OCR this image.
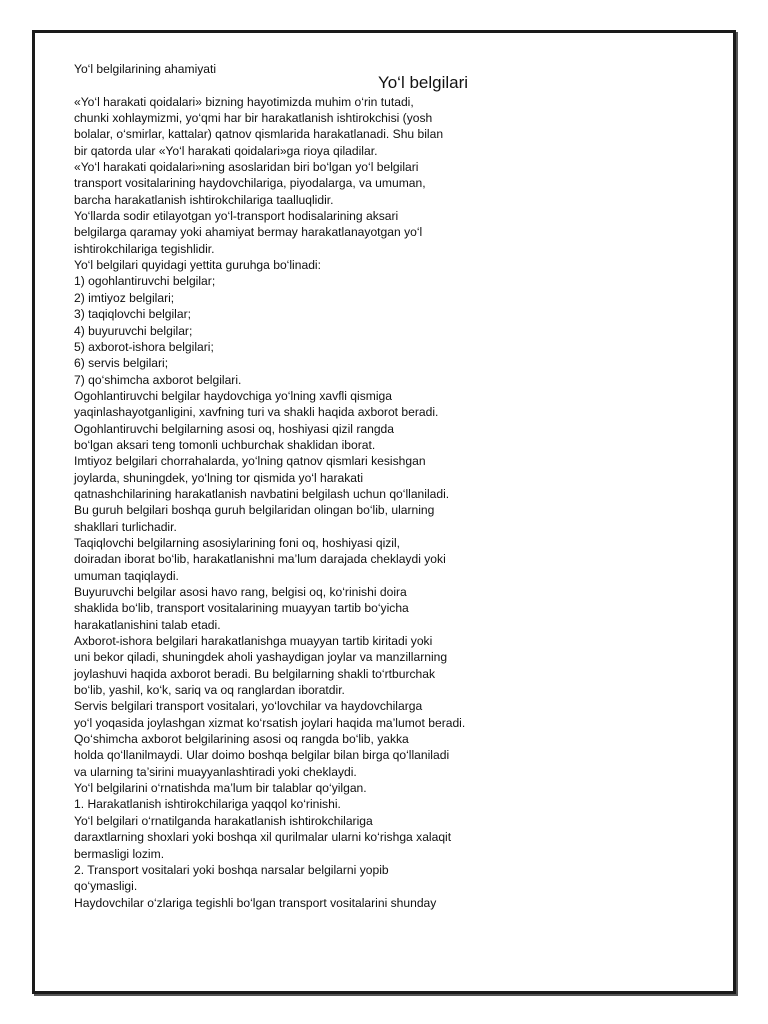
Yo‘l belgilari
Yo‘l belgilarining ahamiyati
«Yo‘l harakati qoidalari» bizning hayotimizda muhim o‘rin tutadi,
chunki xohlaymizmi, yo‘qmi har bir harakatlanish ishtirokchisi (yosh
bolalar, o‘smirlar, kattalar) qatnov qismlarida harakatlanadi. Shu bilan
bir qatorda ular «Yo‘l harakati qoidalari»ga rioya qiladilar.
«Yo‘l harakati qoidalari»ning asoslaridan biri bo‘lgan yo‘l belgilari
transport vositalarining haydovchilariga, piyodalarga, va umuman,
barcha harakatlanish ishtirokchilariga taalluqlidir.
Yo‘llarda sodir etilayotgan yo‘l-transport hodisalarining aksari
belgilarga qaramay yoki ahamiyat bermay harakatlanayotgan yo‘l
ishtirokchilariga tegishlidir.
Yo‘l belgilari quyidagi yettita guruhga bo‘linadi:
1) ogohlantiruvchi belgilar;
2) imtiyoz belgilari;
3) taqiqlovchi belgilar;
4) buyuruvchi belgilar;
5) axborot-ishora belgilari;
6) servis belgilari;
7) qo‘shimcha axborot belgilari.
Ogohlantiruvchi belgilar haydovchiga yo‘lning xavfli qismiga
yaqinlashayotganligini, xavfning turi va shakli haqida axborot beradi.
Ogohlantiruvchi belgilarning asosi oq, hoshiyasi qizil rangda
bo‘lgan aksari teng tomonli uchburchak shaklidan iborat.
Imtiyoz belgilari chorrahalarda, yo‘lning qatnov qismlari kesishgan
joylarda, shuningdek, yo‘lning tor qismida yo‘l harakati
qatnashchilarining harakatlanish navbatini belgilash uchun qo‘llaniladi.
Bu guruh belgilari boshqa guruh belgilaridan olingan bo‘lib, ularning
shakllari turlichadir.
Taqiqlovchi belgilarning asosiylarining foni oq, hoshiyasi qizil,
doiradan iborat bo‘lib, harakatlanishni ma’lum darajada cheklaydi yoki
umuman taqiqlaydi.
Buyuruvchi belgilar asosi havo rang, belgisi oq, ko‘rinishi doira
shaklida bo‘lib, transport vositalarining muayyan tartib bo‘yicha
harakatlanishini talab etadi.
Axborot-ishora belgilari harakatlanishga muayyan tartib kiritadi yoki
uni bekor qiladi, shuningdek aholi yashaydigan joylar va manzillarning
joylashuvi haqida axborot beradi. Bu belgilarning shakli to‘rtburchak
bo‘lib, yashil, ko‘k, sariq va oq ranglardan iboratdir.
Servis belgilari transport vositalari, yo‘lovchilar va haydovchilarga
yo‘l yoqasida joylashgan xizmat ko‘rsatish joylari haqida ma’lumot beradi.
Qo‘shimcha axborot belgilarining asosi oq rangda bo‘lib, yakka
holda qo‘llanilmaydi. Ular doimo boshqa belgilar bilan birga qo‘llaniladi
va ularning ta’sirini muayyanlashtiradi yoki cheklaydi.
Yo‘l belgilarini o‘rnatishda ma’lum bir talablar qo‘yilgan.
1. Harakatlanish ishtirokchilariga yaqqol ko‘rinishi.
Yo‘l belgilari o‘rnatilganda harakatlanish ishtirokchilariga
daraxtlarning shoxlari yoki boshqa xil qurilmalar ularni ko‘rishga xalaqit
bermasligi lozim.
2. Transport vositalari yoki boshqa narsalar belgilarni yopib
qo‘ymasligi.
Haydovchilar o‘zlariga tegishli bo‘lgan transport vositalarini shunday
